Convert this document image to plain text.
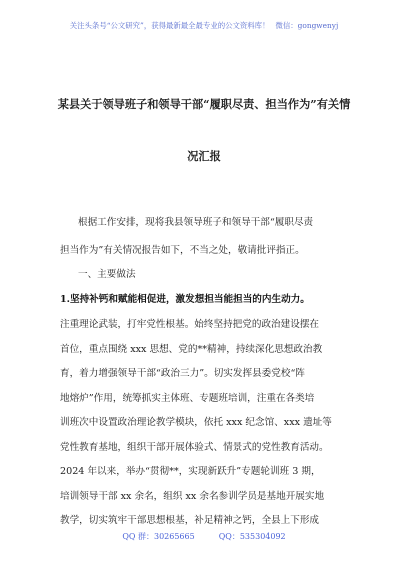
关注头条号“公文研究”，获得最新最全最专业的公文资料库！ 微信：gongwenyj
某县关于领导班子和领导干部“履职尽责、担当作为”有关情
况汇报
根据工作安排，现将我县领导班子和领导干部“履职尽责
担当作为”有关情况报告如下，不当之处，敬请批评指正。
一、主要做法
1.坚持补钙和赋能相促进，激发想担当能担当的内生动力。
注重理论武装，打牢党性根基。始终坚持把党的政治建设摆在
首位，重点围绕 xxx 思想、党的**精神，持续深化思想政治教
育，着力增强领导干部“政治三力”。切实发挥县委党校“阵
地熔炉”作用，统筹抓实主体班、专题班培训，注重在各类培
训班次中设置政治理论教学模块，依托 xxx 纪念馆、xxx 遗址等
党性教育基地，组织干部开展体验式、情景式的党性教育活动。
2024 年以来，举办“贯彻**，实现新跃升”专题轮训班 3 期，
培训领导干部 xx 余名，组织 xx 余名参训学员是基地开展实地
教学，切实筑牢干部思想根基，补足精神之钙，全县上下形成
QQ 群：30265665	QQ：535304092
